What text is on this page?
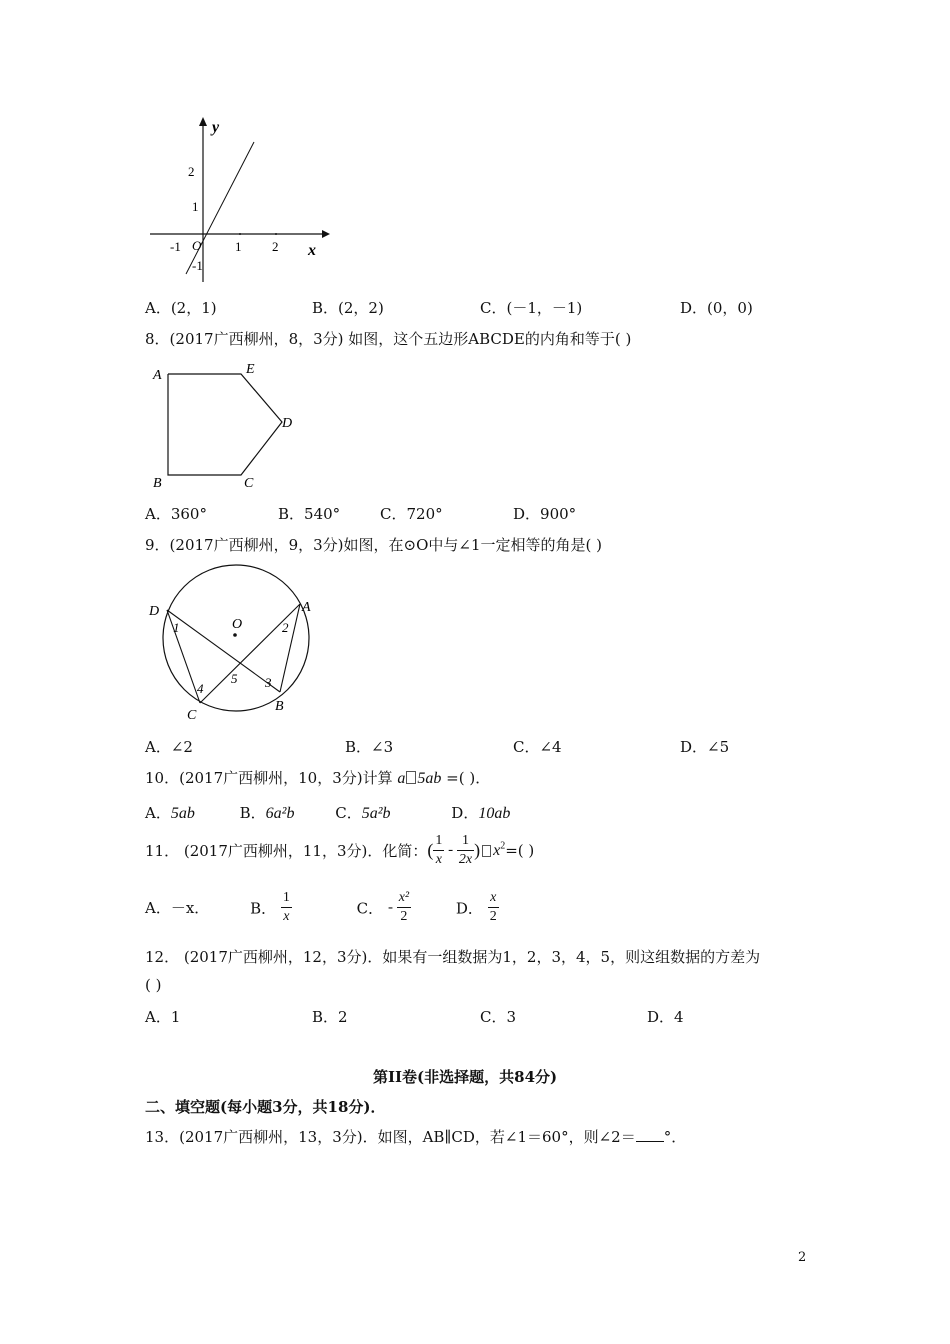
y
x
2
1
-1
-1	1 2
O
A．(2，1)	B．(2，2)	C．(－1，－1)	D．(0，0)
8．(2017广西柳州，8，3分) 如图，这个五边形ABCDE的内角和等于( )
A
B	C
D
E
A．360°	B．540°	C．720°	D．900°
9．(2017广西柳州，9，3分)如图，在⊙O中与∠1一定相等的角是( )
D	A
C
B
O
1	2
3
4
5
A．∠2	B．∠3	C．∠4	D．∠5
10．(2017广西柳州，10，3分)计算 a 5ab =( )．
A．5ab	B．6a²b	C．5a²b	D．10ab
11． (2017广西柳州，11，3分)．化简：( $\frac{1}{x} - \frac{1}{2x}$ ) $x^2=$( )
A．－x．	B． $\frac{1}{x}$	C． - $\frac{\text{x²}}{2}$	D． $\frac{x}{2}$
12． (2017广西柳州，12，3分)．如果有一组数据为1，2，3，4，5，则这组数据的方差为
( )
A．1	B．2	C．3	D．4
第II卷(非选择题，共84分)
二、填空题(每小题3分，共18分)．
13．(2017广西柳州，13，3分)．如图，AB∥CD，若∠1＝60°，则∠2＝ °．
2
